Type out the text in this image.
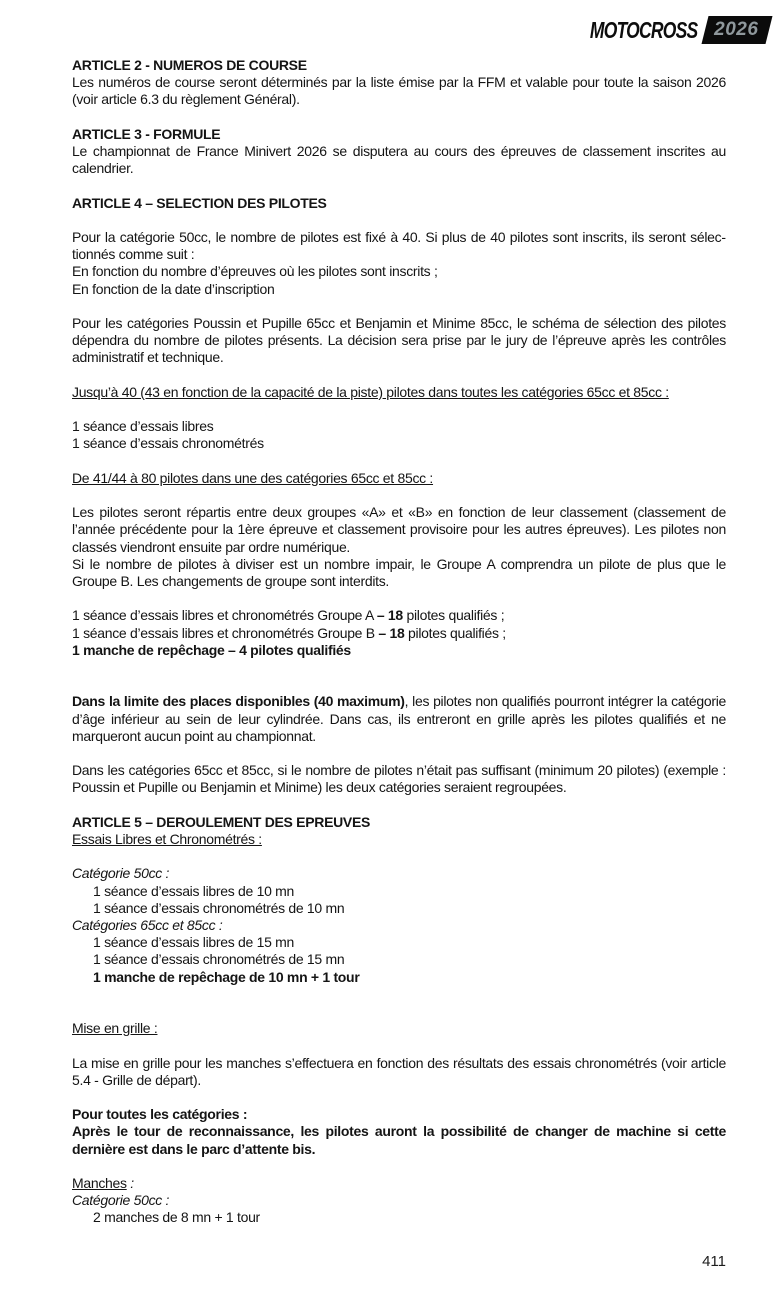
MOTOCROSS 2026
ARTICLE 2 - NUMEROS DE COURSE
Les numéros de course seront déterminés par la liste émise par la FFM et valable pour toute la saison 2026 (voir article 6.3 du règlement Général).
ARTICLE 3 - FORMULE
Le championnat de France Minivert 2026 se disputera au cours des épreuves de classement inscrites au calendrier.
ARTICLE 4 – SELECTION DES PILOTES
Pour la catégorie 50cc, le nombre de pilotes est fixé à 40. Si plus de 40 pilotes sont inscrits, ils seront sélectionnés comme suit :
En fonction du nombre d’épreuves où les pilotes sont inscrits ;
En fonction de la date d’inscription
Pour les catégories Poussin et Pupille 65cc et Benjamin et Minime 85cc, le schéma de sélection des pilotes dépendra du nombre de pilotes présents. La décision sera prise par le jury de l’épreuve après les contrôles administratif et technique.
Jusqu’à 40 (43 en fonction de la capacité de la piste) pilotes dans toutes les catégories 65cc et 85cc :
1 séance d’essais libres
1 séance d’essais chronométrés
De 41/44 à 80 pilotes dans une des catégories 65cc et 85cc :
Les pilotes seront répartis entre deux groupes «A» et «B» en fonction de leur classement (classement de l’année précédente pour la 1ère épreuve et classement provisoire pour les autres épreuves). Les pilotes non classés viendront ensuite par ordre numérique.
Si le nombre de pilotes à diviser est un nombre impair, le Groupe A comprendra un pilote de plus que le Groupe B. Les changements de groupe sont interdits.
1 séance d’essais libres et chronométrés Groupe A – 18 pilotes qualifiés ;
1 séance d’essais libres et chronométrés Groupe B – 18 pilotes qualifiés ;
1 manche de repêchage – 4 pilotes qualifiés
Dans la limite des places disponibles (40 maximum), les pilotes non qualifiés pourront intégrer la catégorie d’âge inférieur au sein de leur cylindrée. Dans cas, ils entreront en grille après les pilotes qualifiés et ne marqueront aucun point au championnat.
Dans les catégories 65cc et 85cc, si le nombre de pilotes n’était pas suffisant (minimum 20 pilotes) (exemple : Poussin et Pupille ou Benjamin et Minime) les deux catégories seraient regroupées.
ARTICLE 5 – DEROULEMENT DES EPREUVES
Essais Libres et Chronométrés :
Catégorie 50cc :
1 séance d’essais libres de 10 mn
1 séance d’essais chronométrés de 10 mn
Catégories 65cc et 85cc :
1 séance d’essais libres de 15 mn
1 séance d’essais chronométrés de 15 mn
1 manche de repêchage de 10 mn + 1 tour
Mise en grille :
La mise en grille pour les manches s’effectuera en fonction des résultats des essais chronométrés (voir article 5.4 - Grille de départ).
Pour toutes les catégories :
Après le tour de reconnaissance, les pilotes auront la possibilité de changer de machine si cette dernière est dans le parc d’attente bis.
Manches :
Catégorie 50cc :
2 manches de 8 mn + 1 tour
411
